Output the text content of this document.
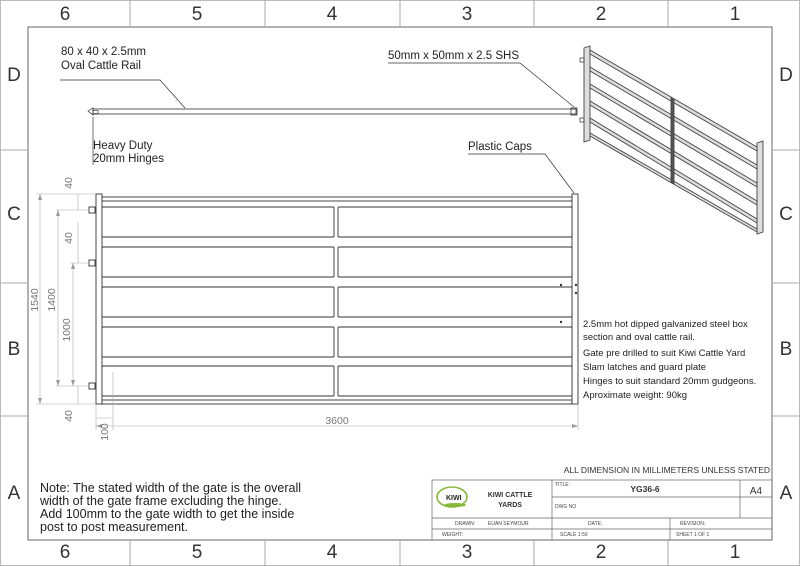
6	5	4	3	2	1
6	5	4	3	2	1
D
C
B
A
D
C
B
A
80 x 40 x 2.5mm
Oval Cattle Rail
50mm x 50mm x 2.5 SHS
Heavy Duty
20mm Hinges
Plastic Caps
1540 1400
1000
40
40
40	3600
100
2.5mm hot dipped galvanized steel box
section and oval cattle rail.
Gate pre drilled to suit Kiwi Cattle Yard
Slam latches and guard plate
Hinges to suit standard 20mm gudgeons.
Aproximate weight: 90kg
Note: The stated width of the gate is the overall
width of the gate frame excluding the hinge.
Add 100mm to the gate width to get the inside
post to post measurement.
ALL DIMENSION IN MILLIMETERS UNLESS STATED
KIWI	KIWI CATTLE
YARDS
TITLE:	YG36-6	A4
DWG NO
DRAWN:	EUAN SEYMOUR	DATE:	REVISION:
WEIGHT:	SCALE 1:50	SHEET 1 OF 1
